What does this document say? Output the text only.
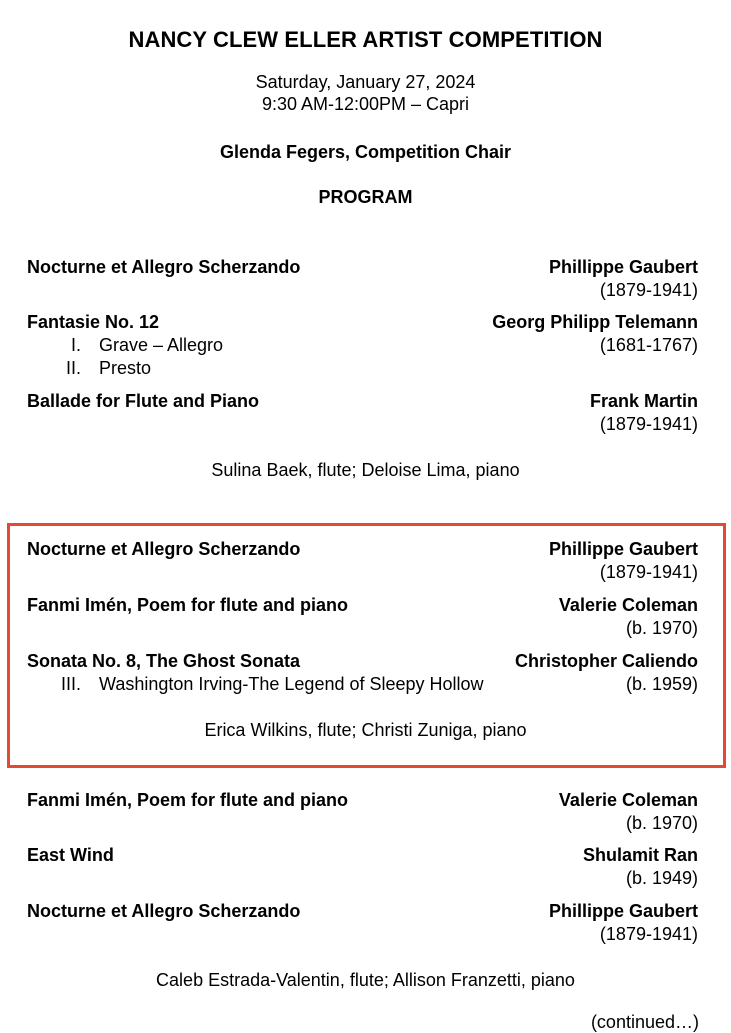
NANCY CLEW ELLER ARTIST COMPETITION
Saturday, January 27, 2024
9:30 AM-12:00PM – Capri
Glenda Fegers, Competition Chair
PROGRAM
Nocturne et Allegro Scherzando	Phillippe Gaubert
(1879-1941)
Fantasie No. 12	Georg Philipp Telemann
I.	Grave – Allegro	(1681-1767)
II.	Presto
Ballade for Flute and Piano	Frank Martin
(1879-1941)
Sulina Baek, flute; Deloise Lima, piano
Nocturne et Allegro Scherzando	Phillippe Gaubert
(1879-1941)
Fanmi Imén, Poem for flute and piano	Valerie Coleman
(b. 1970)
Sonata No. 8, The Ghost Sonata	Christopher Caliendo
III.	Washington Irving-The Legend of Sleepy Hollow	(b. 1959)
Erica Wilkins, flute; Christi Zuniga, piano
Fanmi Imén, Poem for flute and piano	Valerie Coleman
(b. 1970)
East Wind	Shulamit Ran
(b. 1949)
Nocturne et Allegro Scherzando	Phillippe Gaubert
(1879-1941)
Caleb Estrada-Valentin, flute; Allison Franzetti, piano
(continued…)
